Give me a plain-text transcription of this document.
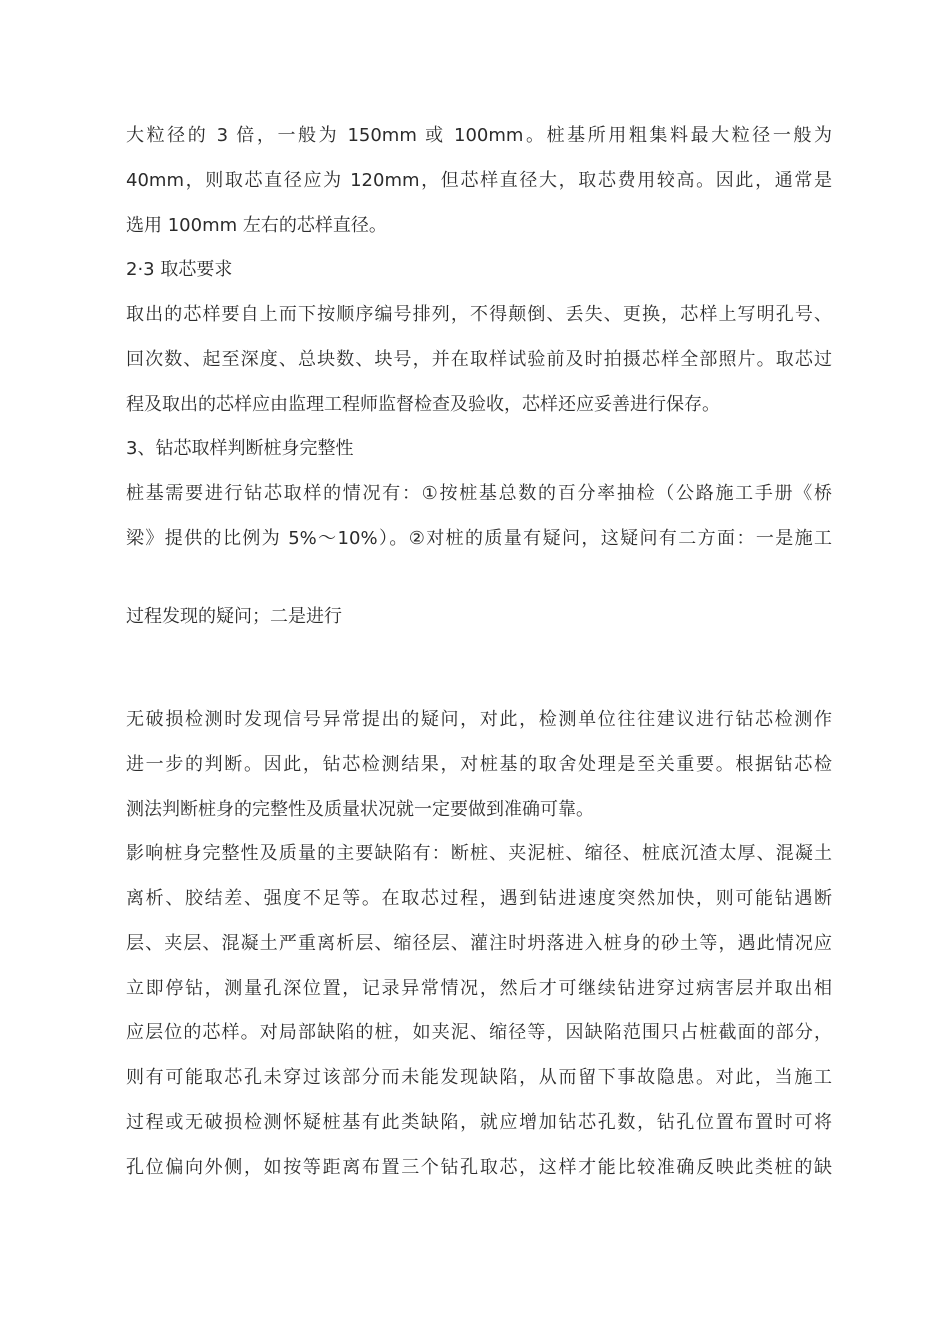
大粒径的 3 倍，一般为 150mm 或 100mm。桩基所用粗集料最大粒径一般为
40mm，则取芯直径应为 120mm，但芯样直径大，取芯费用较高。因此，通常是
选用 100mm 左右的芯样直径。
2·3 取芯要求
取出的芯样要自上而下按顺序编号排列，不得颠倒、丢失、更换，芯样上写明孔号、
回次数、起至深度、总块数、块号，并在取样试验前及时拍摄芯样全部照片。取芯过
程及取出的芯样应由监理工程师监督检查及验收，芯样还应妥善进行保存。
3、钻芯取样判断桩身完整性
桩基需要进行钻芯取样的情况有：①按桩基总数的百分率抽检（公路施工手册《桥
梁》提供的比例为 5%～10%）。②对桩的质量有疑问，这疑问有二方面：一是施工
过程发现的疑问；二是进行
无破损检测时发现信号异常提出的疑问，对此，检测单位往往建议进行钻芯检测作
进一步的判断。因此，钻芯检测结果，对桩基的取舍处理是至关重要。根据钻芯检
测法判断桩身的完整性及质量状况就一定要做到准确可靠。
影响桩身完整性及质量的主要缺陷有：断桩、夹泥桩、缩径、桩底沉渣太厚、混凝土
离析、胶结差、强度不足等。在取芯过程，遇到钻进速度突然加快，则可能钻遇断
层、夹层、混凝土严重离析层、缩径层、灌注时坍落进入桩身的砂土等，遇此情况应
立即停钻，测量孔深位置，记录异常情况，然后才可继续钻进穿过病害层并取出相
应层位的芯样。对局部缺陷的桩，如夹泥、缩径等，因缺陷范围只占桩截面的部分，
则有可能取芯孔未穿过该部分而未能发现缺陷，从而留下事故隐患。对此，当施工
过程或无破损检测怀疑桩基有此类缺陷，就应增加钻芯孔数，钻孔位置布置时可将
孔位偏向外侧，如按等距离布置三个钻孔取芯，这样才能比较准确反映此类桩的缺
